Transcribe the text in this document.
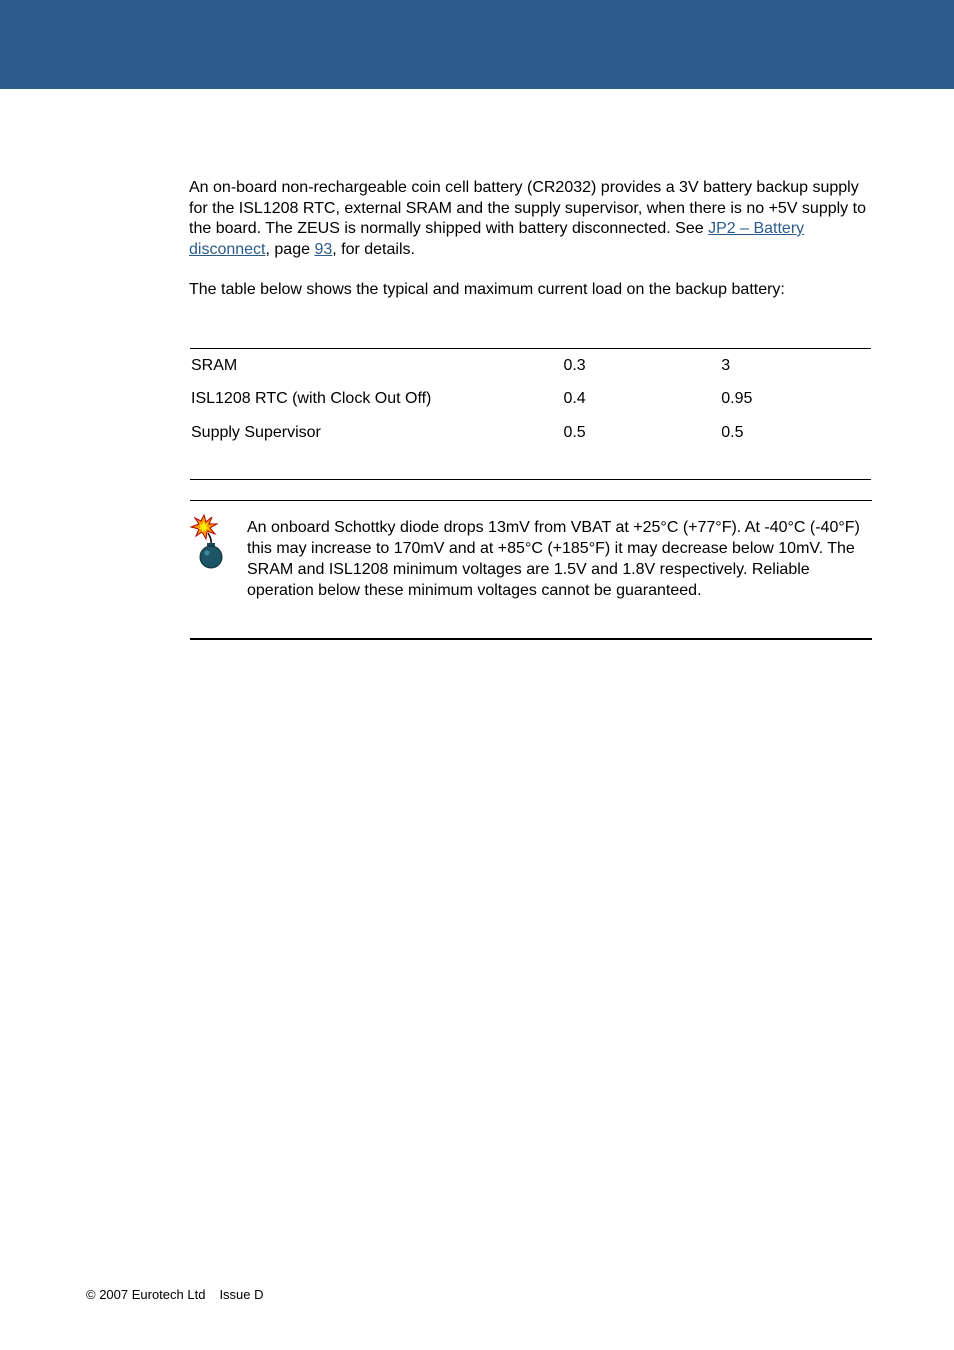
An on-board non-rechargeable coin cell battery (CR2032) provides a 3V battery backup supply for the ISL1208 RTC, external SRAM and the supply supervisor, when there is no +5V supply to the board. The ZEUS is normally shipped with battery disconnected. See JP2 – Battery disconnect, page 93, for details.

The table below shows the typical and maximum current load on the backup battery:

SRAM	0.3	3
ISL1208 RTC (with Clock Out Off)	0.4	0.95
Supply Supervisor	0.5	0.5
An onboard Schottky diode drops 13mV from VBAT at +25°C (+77°F). At -40°C (-40°F) this may increase to 170mV and at +85°C (+185°F) it may decrease below 10mV. The SRAM and ISL1208 minimum voltages are 1.5V and 1.8V respectively. Reliable operation below these minimum voltages cannot be guaranteed.
© 2007 Eurotech Ltd Issue D
